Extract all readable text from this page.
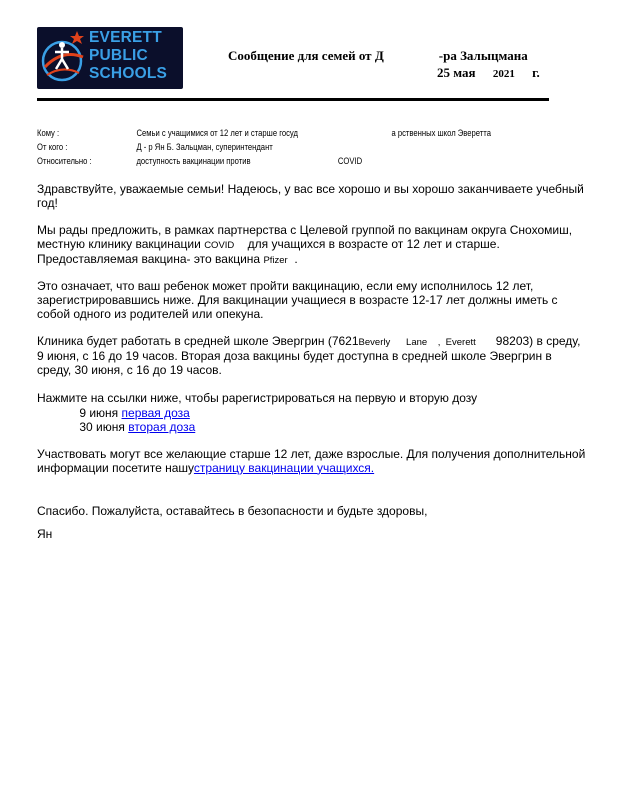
EVERETT
PUBLIC
SCHOOLS
Сообщение для семей от Д	-ра Залыцмана
25 мая 2021 г.
Кому :	Семьи с учащимися от 12 лет и старше госуд	а рственных школ Эверетта
От кого :	Д - р Ян Б. Зальцман, суперинтендант
Относительно :	доступность вакцинации против	COVID
Здравствуйте, уважаемые семьи! Надеюсь, у вас все хорошо и вы хорошо заканчиваете учебный год!
Мы рады предложить, в рамках партнерства с Целевой группой по вакцинам округа Снохомиш, местную клинику вакцинации COVID для учащихся в возрасте от 12 лет и старше. Предоставляемая вакцина- это вакцина Pfizer .
Это означает, что ваш ребенок может пройти вакцинацию, если ему исполнилось 12 лет, зарегистрировавшись ниже. Для вакцинации учащиеся в возрасте 12-17 лет должны иметь с собой одного из родителей или опекуна.
Клиника будет работать в средней школе Эвергрин (7621Beverly      Lane    ,  Everett 98203) в среду, 9 июня, с 16 до 19 часов. Вторая доза вакцины будет доступна в средней школе Эвергрин в среду, 30 июня, с 16 до 19 часов.
Нажмите на ссылки ниже, чтобы рарегистрироваться на первую и вторую дозу
9 июня первая доза
30 июня вторая доза
Участвовать могут все желающие старше 12 лет, даже взрослые. Для получения дополнительной информации посетите нашустраницу вакцинации учащихся.
Спасибо. Пожалуйста, оставайтесь в безопасности и будьте здоровы,
Ян
